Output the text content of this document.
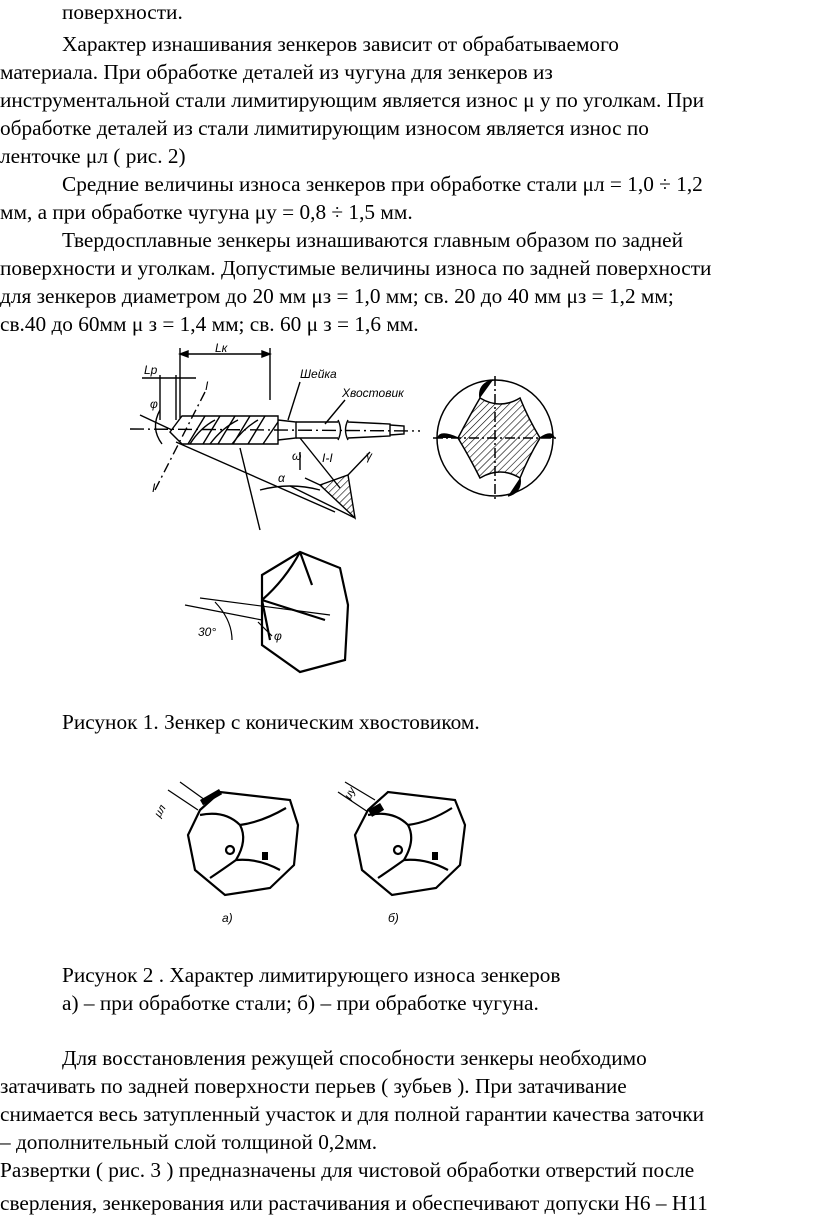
поверхности.
Характер изнашивания зенкеров зависит от обрабатываемого
материала. При обработке деталей из чугуна для зенкеров из
инструментальной стали лимитирующим является износ μ у по уголкам. При
обработке деталей из стали лимитирующим износом является износ по
ленточке μл ( рис. 2)
Средние величины износа зенкеров при обработке стали μл = 1,0 ÷ 1,2
мм, а при обработке чугуна μу = 0,8 ÷ 1,5 мм.
Твердосплавные зенкеры изнашиваются главным образом по задней
поверхности и уголкам. Допустимые величины износа по задней поверхности
для зенкеров диаметром до 20 мм μз = 1,0 мм; св. 20 до 40 мм μз = 1,2 мм;
св.40 до 60мм μ з = 1,4 мм; св. 60 μ з = 1,6 мм.
Lк
Lр	Шейка
Хвостовик
I
I
φ
ω I-I	γ
α
30°	φ
Рисунок 1. Зенкер с коническим хвостовиком.
μл
μу
а)	б)
Рисунок 2 . Характер лимитирующего износа зенкеров
а) – при обработке стали; б) – при обработке чугуна.
Для восстановления режущей способности зенкеры необходимо
затачивать по задней поверхности перьев ( зубьев ). При затачивание
снимается весь затупленный участок и для полной гарантии качества заточки
– дополнительный слой толщиной 0,2мм.
Развертки ( рис. 3 ) предназначены для чистовой обработки отверстий после
сверления, зенкерования или растачивания и обеспечивают допуски Н6 – Н11
